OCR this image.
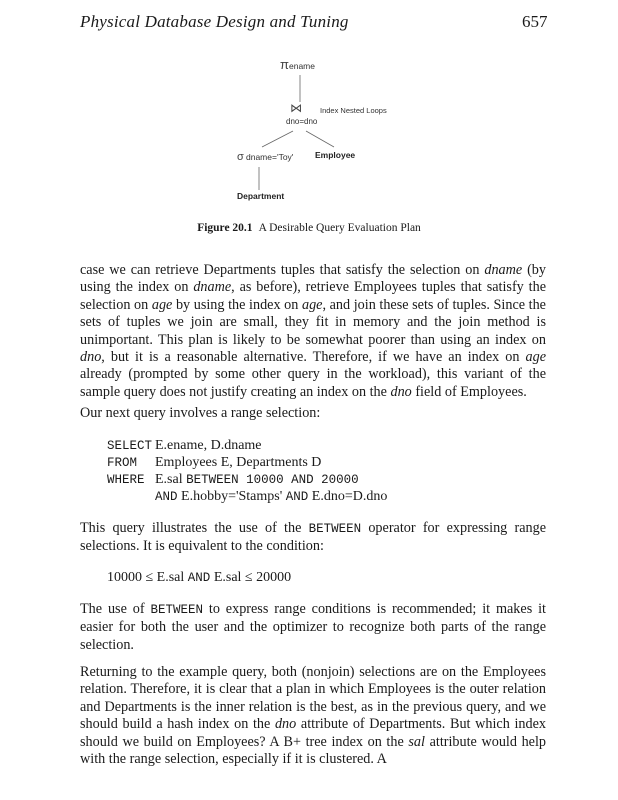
Physical Database Design and Tuning	657
π ename
⋈ Index Nested Loops
dno=dno
σ dname='Toy'	Employee
Department
Figure 20.1 A Desirable Query Evaluation Plan
case we can retrieve Departments tuples that satisfy the selection on dname (by using the index on dname, as before), retrieve Employees tuples that satisfy the selection on age by using the index on age, and join these sets of tuples. Since the sets of tuples we join are small, they fit in memory and the join method is unimportant. This plan is likely to be somewhat poorer than using an index on dno, but it is a reasonable alternative. Therefore, if we have an index on age already (prompted by some other query in the workload), this variant of the sample query does not justify creating an index on the dno field of Employees.
Our next query involves a range selection:
SELECT E.ename, D.dname
FROM Employees E, Departments D
WHERE E.sal BETWEEN 10000 AND 20000
AND E.hobby='Stamps' AND E.dno=D.dno
This query illustrates the use of the BETWEEN operator for expressing range selections. It is equivalent to the condition:
10000 ≤ E.sal AND E.sal ≤ 20000
The use of BETWEEN to express range conditions is recommended; it makes it easier for both the user and the optimizer to recognize both parts of the range selection.
Returning to the example query, both (nonjoin) selections are on the Employees relation. Therefore, it is clear that a plan in which Employees is the outer relation and Departments is the inner relation is the best, as in the previous query, and we should build a hash index on the dno attribute of Departments. But which index should we build on Employees? A B+ tree index on the sal attribute would help with the range selection, especially if it is clustered. A
